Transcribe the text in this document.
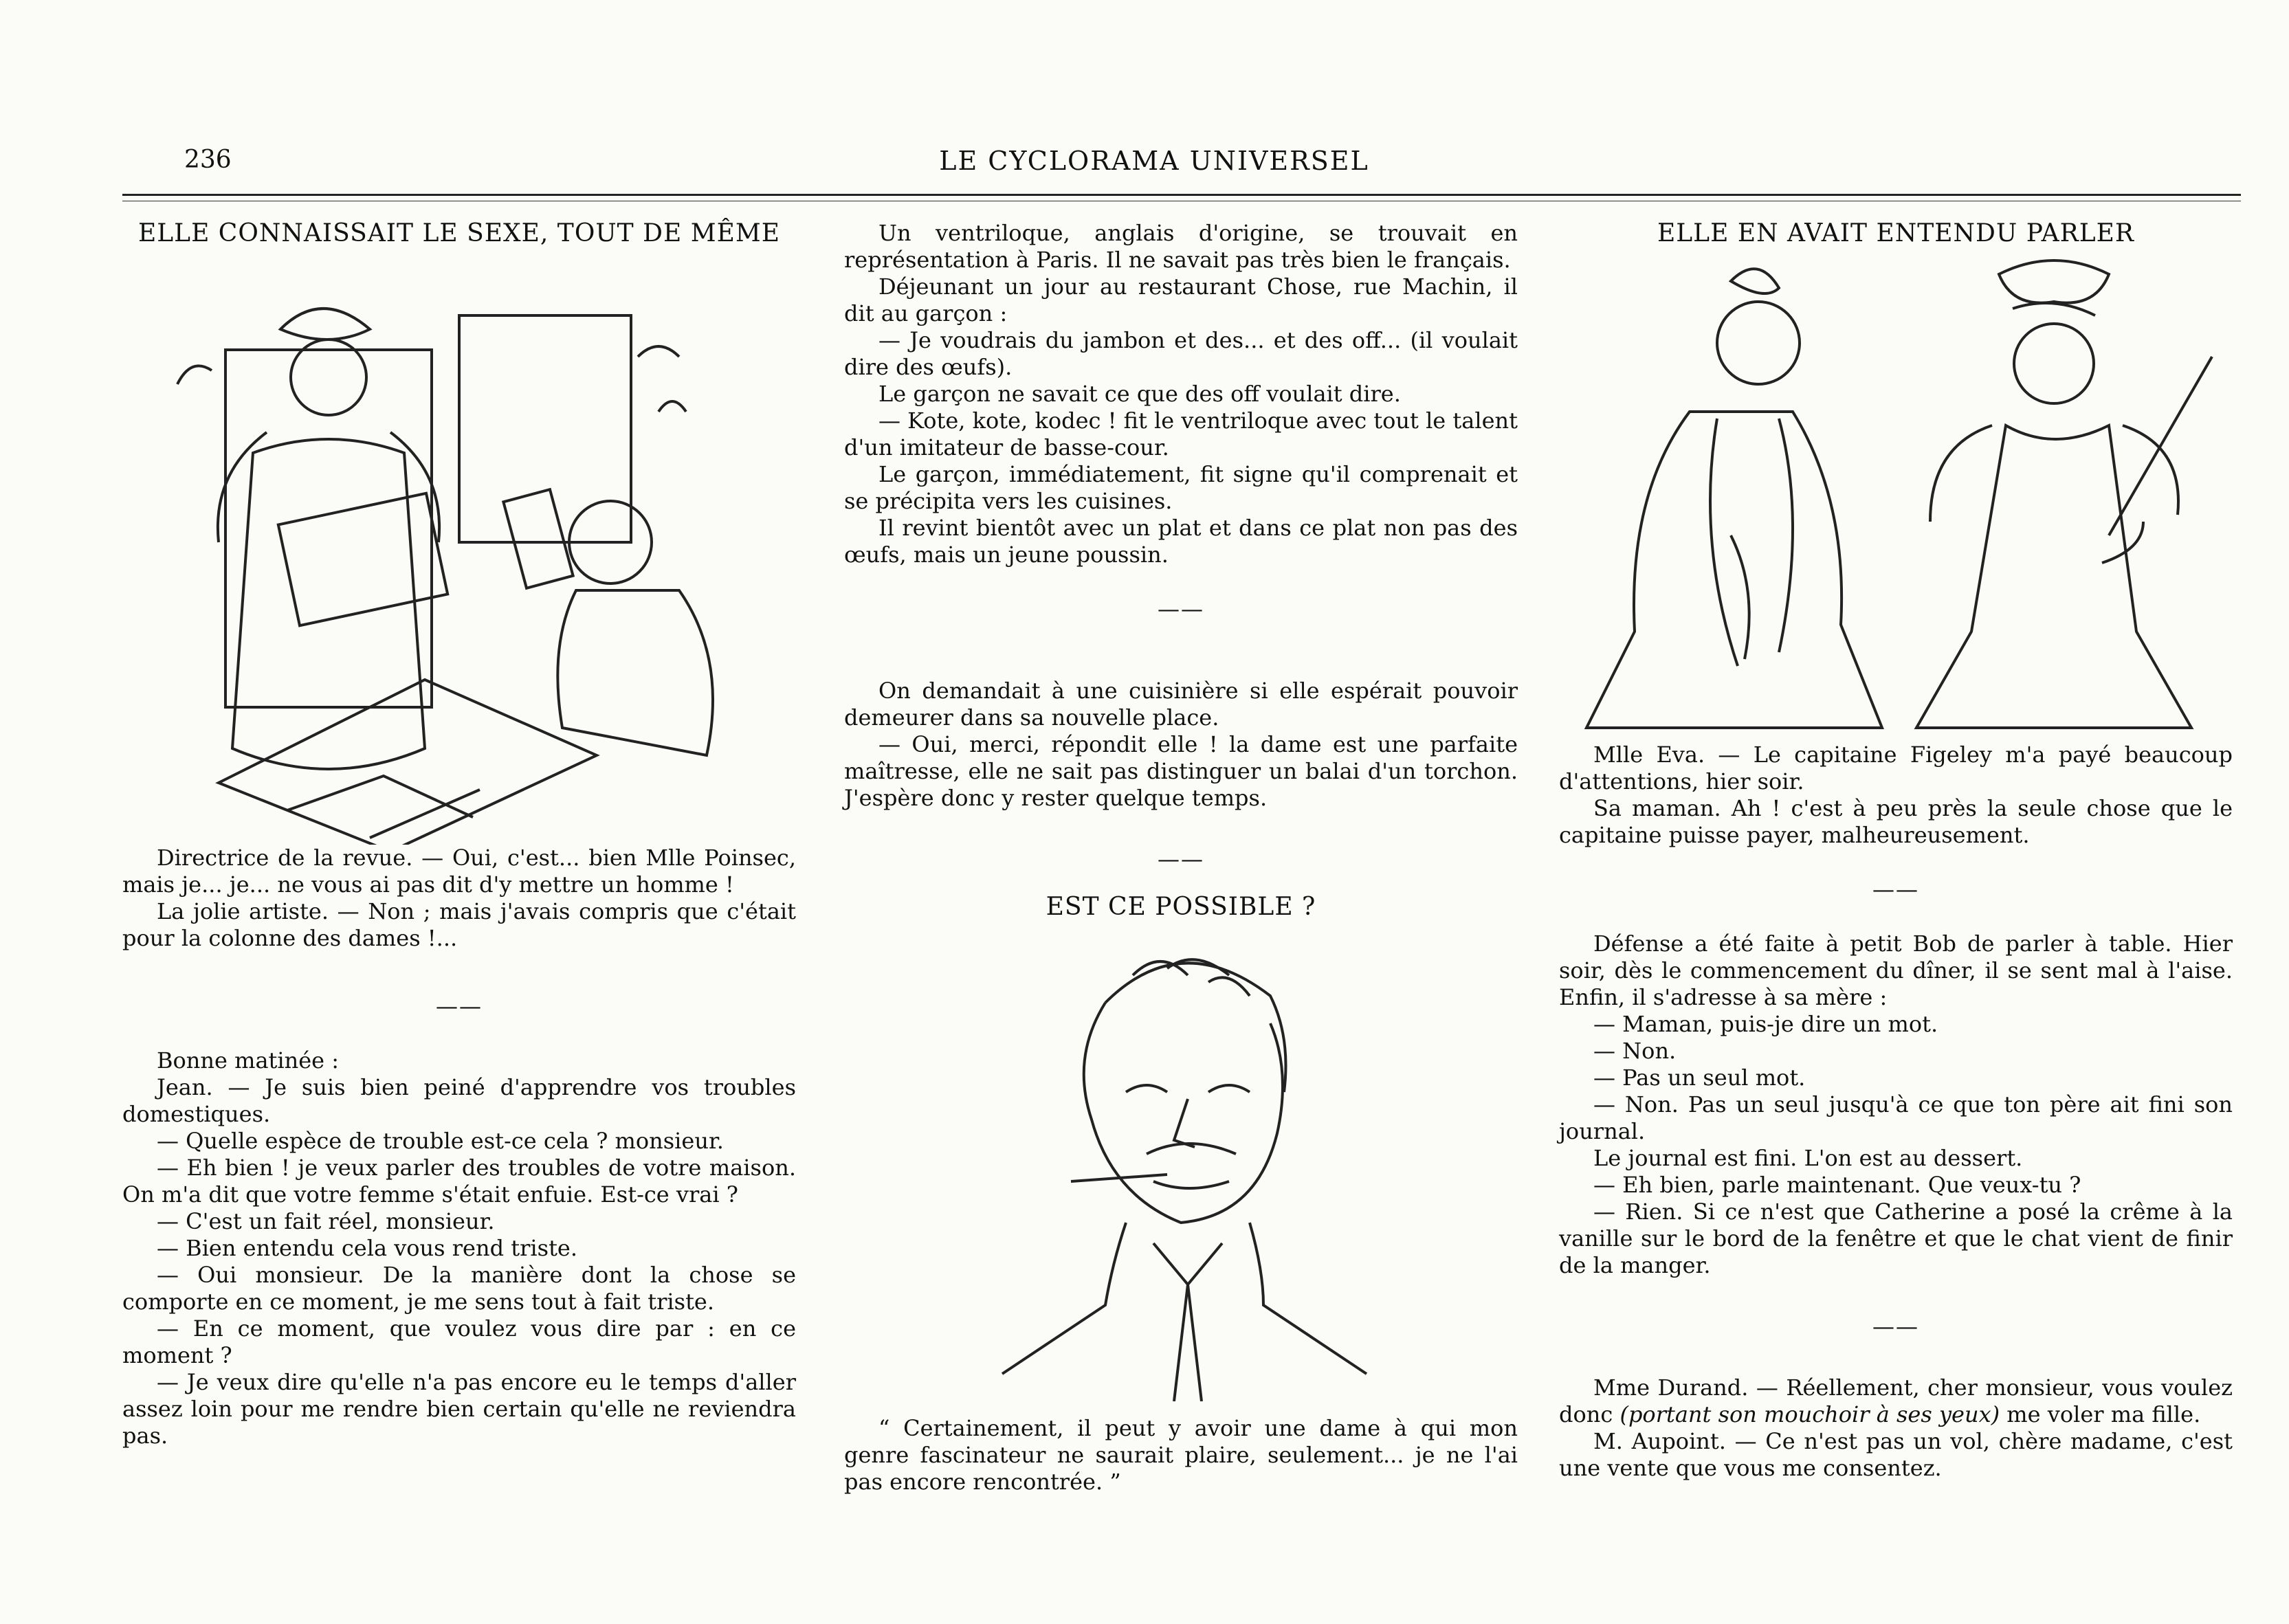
236	LE CYCLORAMA UNIVERSEL

ELLE CONNAISSAIT LE SEXE, TOUT DE MÊME

Directrice de la revue. — Oui, c'est... bien Mlle Poinsec, mais je... je... ne vous ai pas dit d'y mettre un homme !

La jolie artiste. — Non ; mais j'avais compris que c'était pour la colonne des dames !...

——

Bonne matinée :

Jean. — Je suis bien peiné d'apprendre vos troubles domestiques.

— Quelle espèce de trouble est-ce cela ? monsieur.

— Eh bien ! je veux parler des troubles de votre maison. On m'a dit que votre femme s'était enfuie. Est-ce vrai ?

— C'est un fait réel, monsieur.

— Bien entendu cela vous rend triste.

— Oui monsieur. De la manière dont la chose se comporte en ce moment, je me sens tout à fait triste.

— En ce moment, que voulez vous dire par : en ce moment ?

— Je veux dire qu'elle n'a pas encore eu le temps d'aller assez loin pour me rendre bien certain qu'elle ne reviendra pas.

Un ventriloque, anglais d'origine, se trouvait en représentation à Paris. Il ne savait pas très bien le français.

Déjeunant un jour au restaurant Chose, rue Machin, il dit au garçon :

— Je voudrais du jambon et des... et des off... (il voulait dire des œufs).

Le garçon ne savait ce que des off voulait dire.

— Kote, kote, kodec ! fit le ventriloque avec tout le talent d'un imitateur de basse-cour.

Le garçon, immédiatement, fit signe qu'il comprenait et se précipita vers les cuisines.

Il revint bientôt avec un plat et dans ce plat non pas des œufs, mais un jeune poussin.

——

On demandait à une cuisinière si elle espérait pouvoir demeurer dans sa nouvelle place.

— Oui, merci, répondit elle ! la dame est une parfaite maîtresse, elle ne sait pas distinguer un balai d'un torchon. J'espère donc y rester quelque temps.

——

EST CE POSSIBLE ?

“ Certainement, il peut y avoir une dame à qui mon genre fascinateur ne saurait plaire, seulement... je ne l'ai pas encore rencontrée. ”

ELLE EN AVAIT ENTENDU PARLER

Mlle Eva. — Le capitaine Figeley m'a payé beaucoup d'attentions, hier soir.

Sa maman. Ah ! c'est à peu près la seule chose que le capitaine puisse payer, malheureusement.

——

Défense a été faite à petit Bob de parler à table. Hier soir, dès le commencement du dîner, il se sent mal à l'aise. Enfin, il s'adresse à sa mère :

— Maman, puis-je dire un mot.

— Non.

— Pas un seul mot.

— Non. Pas un seul jusqu'à ce que ton père ait fini son journal.

Le journal est fini. L'on est au dessert.

— Eh bien, parle maintenant. Que veux-tu ?

— Rien. Si ce n'est que Catherine a posé la crême à la vanille sur le bord de la fenêtre et que le chat vient de finir de la manger.

——

Mme Durand. — Réellement, cher monsieur, vous voulez donc (portant son mouchoir à ses yeux) me voler ma fille.

M. Aupoint. — Ce n'est pas un vol, chère madame, c'est une vente que vous me consentez.
